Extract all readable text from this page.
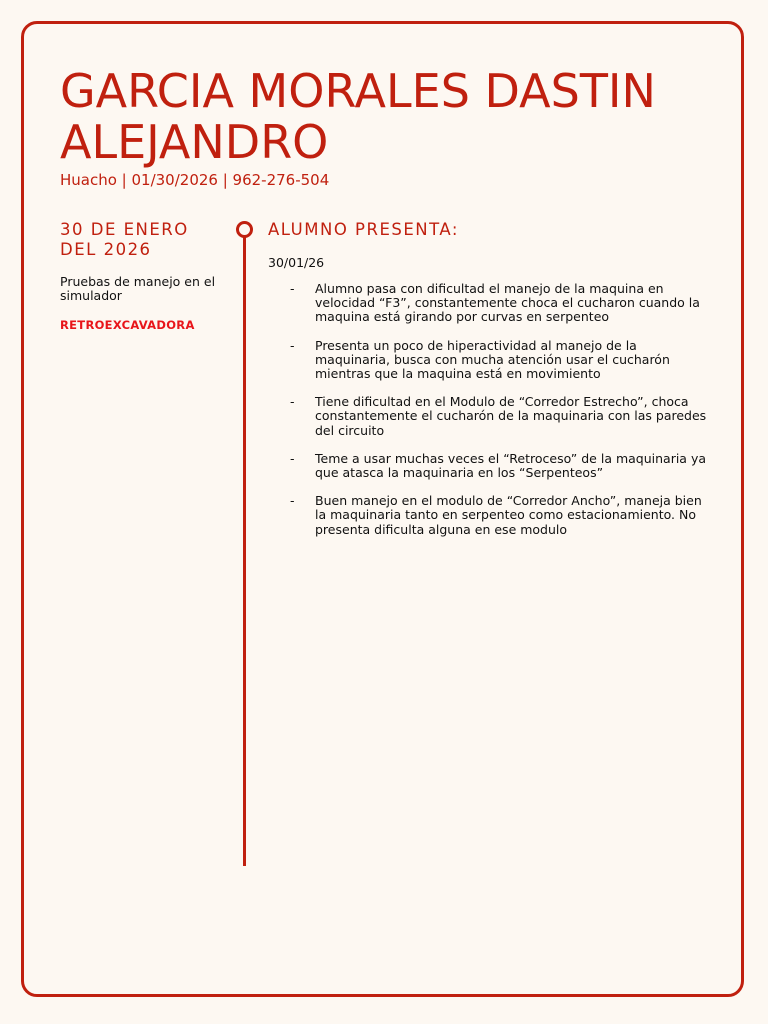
GARCIA MORALES DASTIN ALEJANDRO
Huacho | 01/30/2026 | 962-276-504
30 DE ENERO DEL 2026
Pruebas de manejo en el simulador
RETROEXCAVADORA
ALUMNO PRESENTA:
30/01/26
- Alumno pasa con dificultad el manejo de la maquina en velocidad “F3”, constantemente choca el cucharon cuando la maquina está girando por curvas en serpenteo
- Presenta un poco de hiperactividad al manejo de la maquinaria, busca con mucha atención usar el cucharón mientras que la maquina está en movimiento
- Tiene dificultad en el Modulo de “Corredor Estrecho”, choca constantemente el cucharón de la maquinaria con las paredes del circuito
- Teme a usar muchas veces el “Retroceso” de la maquinaria ya que atasca la maquinaria en los “Serpenteos”
- Buen manejo en el modulo de “Corredor Ancho”, maneja bien la maquinaria tanto en serpenteo como estacionamiento. No presenta dificulta alguna en ese modulo
